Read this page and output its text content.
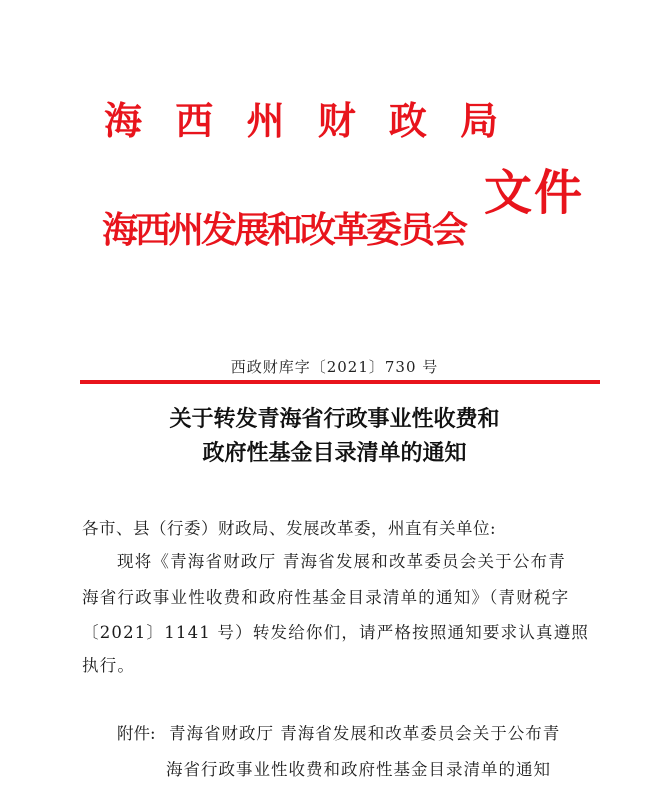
海 西 州 财 政 局
海西州发展和改革委员会
文件
西政财库字〔2021〕730 号
关于转发青海省行政事业性收费和
政府性基金目录清单的通知
各市、县（行委）财政局、发展改革委，州直有关单位:
现将《青海省财政厅 青海省发展和改革委员会关于公布青
海省行政事业性收费和政府性基金目录清单的通知》（青财税字
〔2021〕1141 号）转发给你们，请严格按照通知要求认真遵照
执行。
附件: 青海省财政厅 青海省发展和改革委员会关于公布青
海省行政事业性收费和政府性基金目录清单的通知
